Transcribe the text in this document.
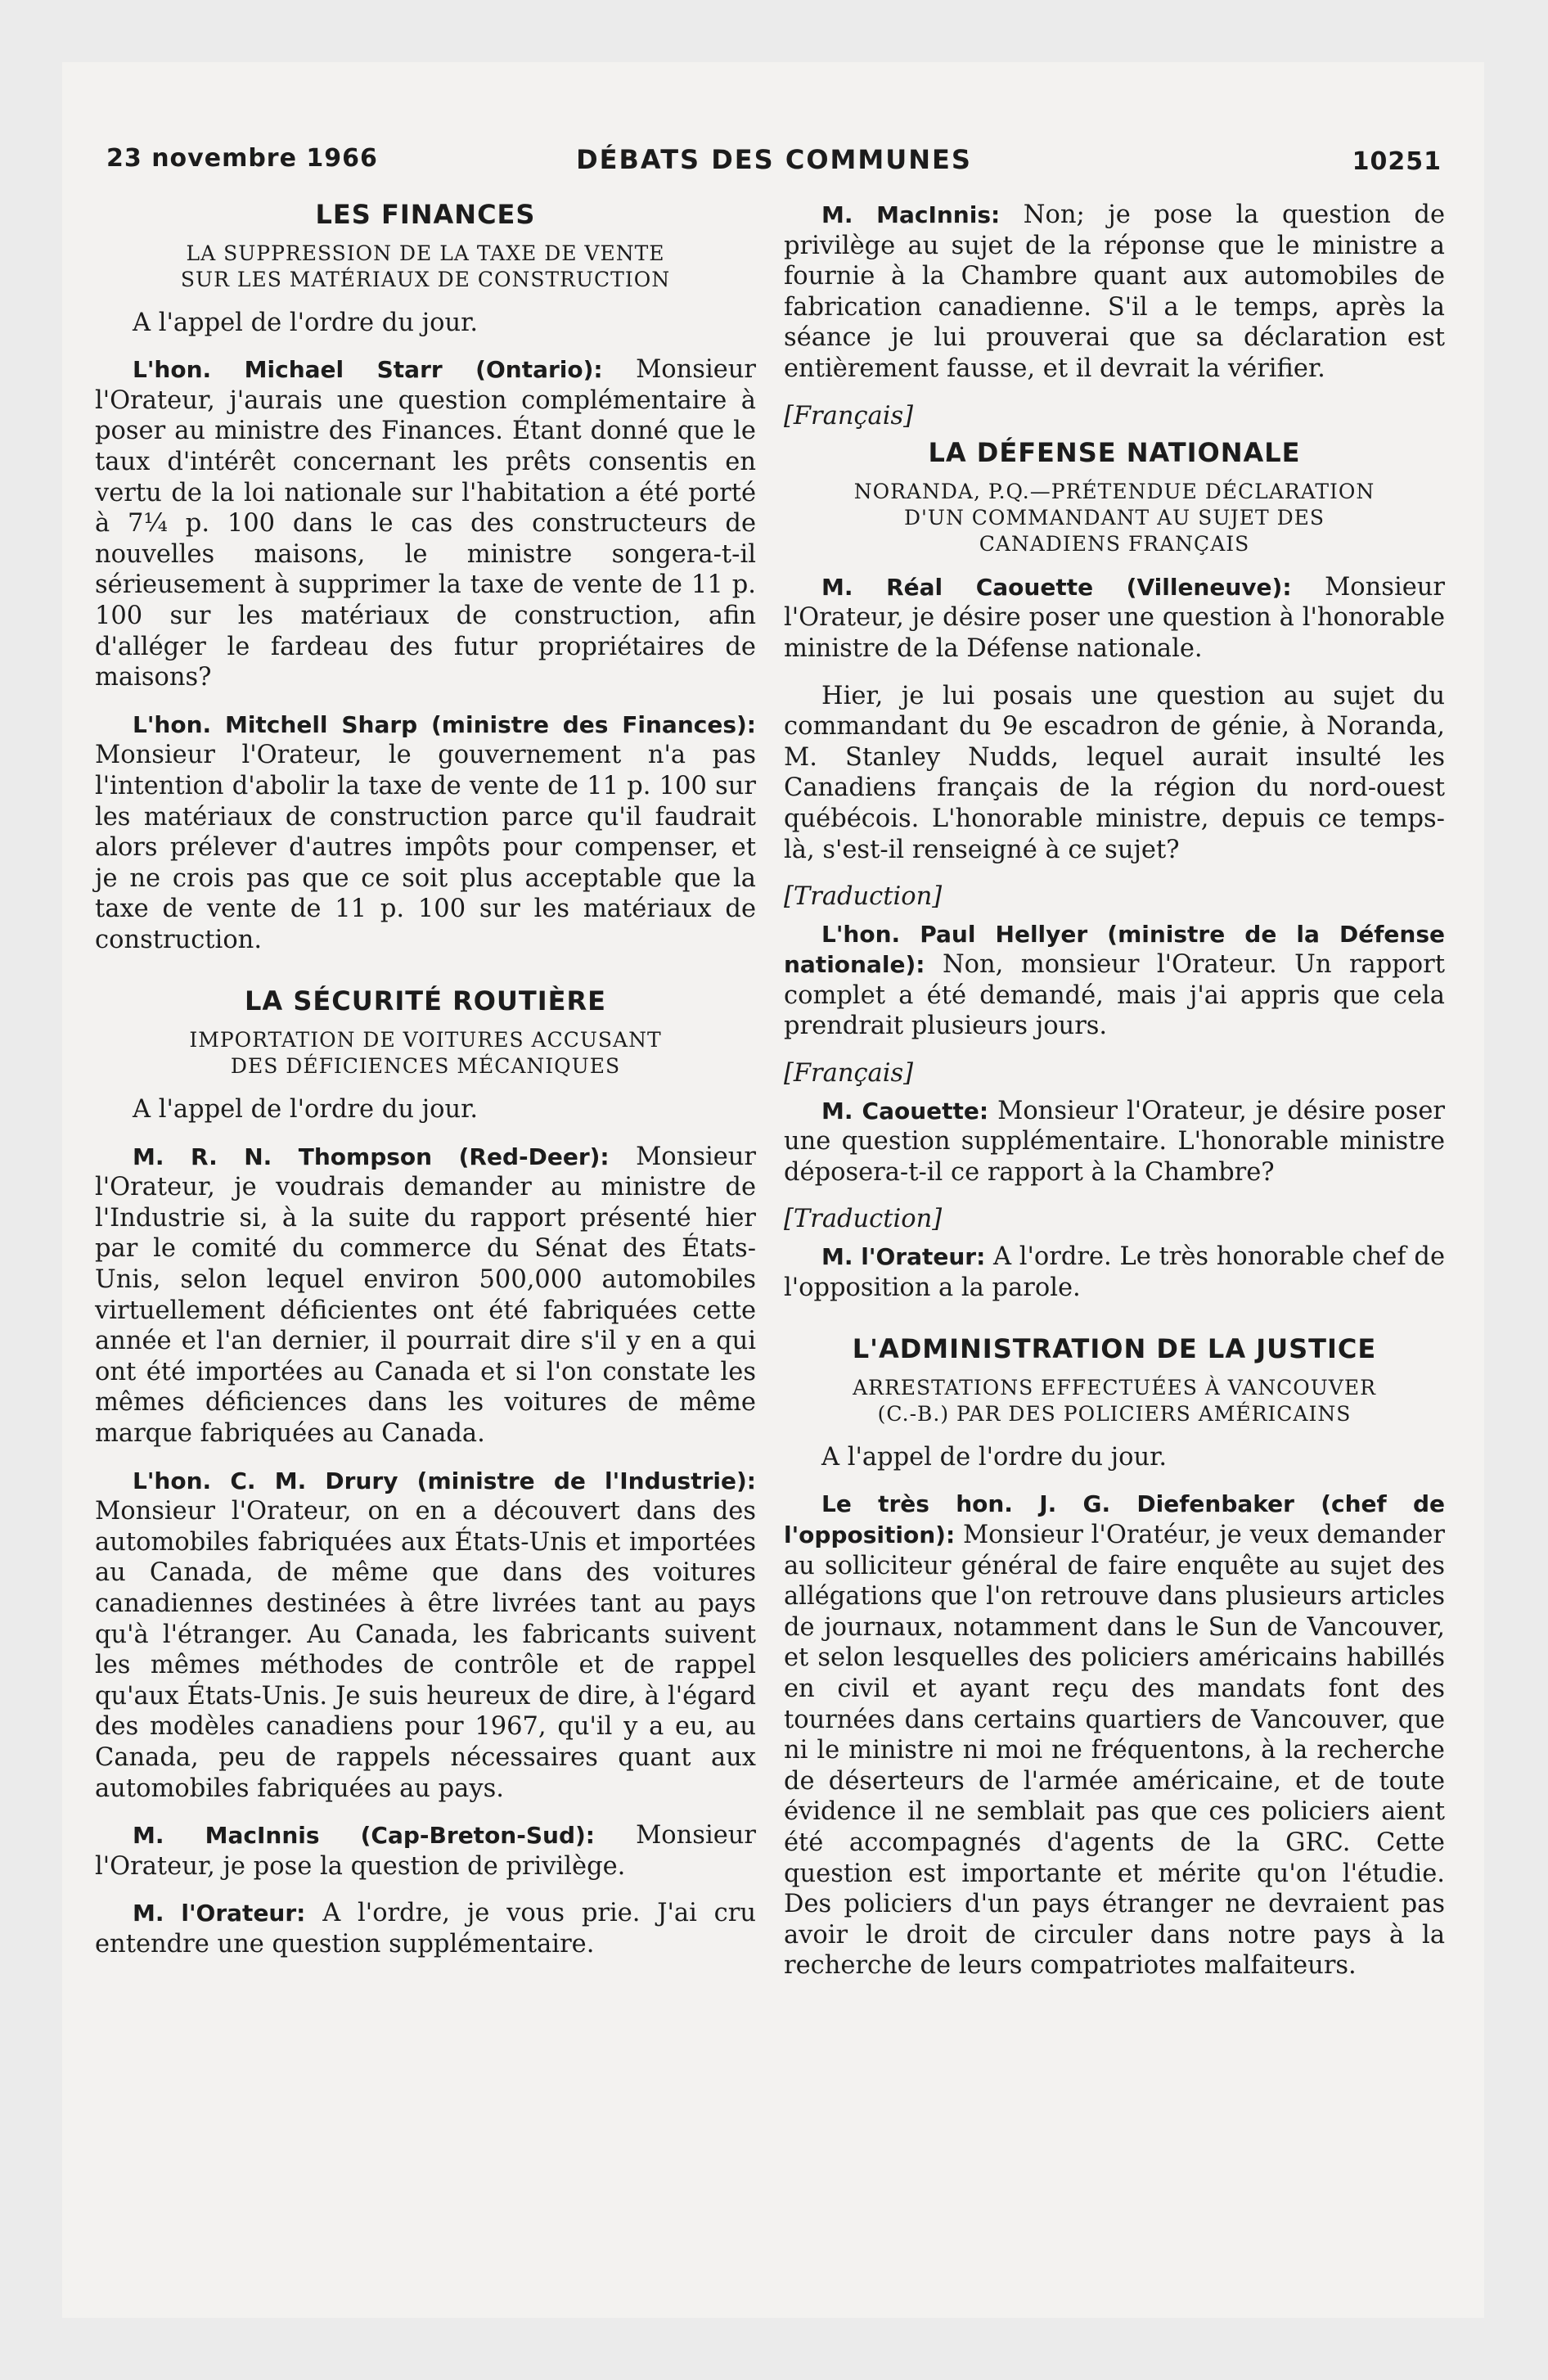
23 novembre 1966	DÉBATS DES COMMUNES	10251
LES FINANCES
LA SUPPRESSION DE LA TAXE DE VENTE
SUR LES MATÉRIAUX DE CONSTRUCTION

A l'appel de l'ordre du jour.

L'hon. Michael Starr (Ontario): Monsieur l'Orateur, j'aurais une question complémentaire à poser au ministre des Finances. Étant donné que le taux d'intérêt concernant les prêts consentis en vertu de la loi nationale sur l'habitation a été porté à 7¼ p. 100 dans le cas des constructeurs de nouvelles maisons, le ministre songera-t-il sérieusement à supprimer la taxe de vente de 11 p. 100 sur les matériaux de construction, afin d'alléger le fardeau des futur propriétaires de maisons?

L'hon. Mitchell Sharp (ministre des Finances): Monsieur l'Orateur, le gouvernement n'a pas l'intention d'abolir la taxe de vente de 11 p. 100 sur les matériaux de construction parce qu'il faudrait alors prélever d'autres impôts pour compenser, et je ne crois pas que ce soit plus acceptable que la taxe de vente de 11 p. 100 sur les matériaux de construction.

LA SÉCURITÉ ROUTIÈRE
IMPORTATION DE VOITURES ACCUSANT
DES DÉFICIENCES MÉCANIQUES

A l'appel de l'ordre du jour.

M. R. N. Thompson (Red-Deer): Monsieur l'Orateur, je voudrais demander au ministre de l'Industrie si, à la suite du rapport présenté hier par le comité du commerce du Sénat des États-Unis, selon lequel environ 500,000 automobiles virtuellement déficientes ont été fabriquées cette année et l'an dernier, il pourrait dire s'il y en a qui ont été importées au Canada et si l'on constate les mêmes déficiences dans les voitures de même marque fabriquées au Canada.

L'hon. C. M. Drury (ministre de l'Industrie): Monsieur l'Orateur, on en a découvert dans des automobiles fabriquées aux États-Unis et importées au Canada, de même que dans des voitures canadiennes destinées à être livrées tant au pays qu'à l'étranger. Au Canada, les fabricants suivent les mêmes méthodes de contrôle et de rappel qu'aux États-Unis. Je suis heureux de dire, à l'égard des modèles canadiens pour 1967, qu'il y a eu, au Canada, peu de rappels nécessaires quant aux automobiles fabriquées au pays.

M. MacInnis (Cap-Breton-Sud): Monsieur l'Orateur, je pose la question de privilège.

M. l'Orateur: A l'ordre, je vous prie. J'ai cru entendre une question supplémentaire.

M. MacInnis: Non; je pose la question de privilège au sujet de la réponse que le ministre a fournie à la Chambre quant aux automobiles de fabrication canadienne. S'il a le temps, après la séance je lui prouverai que sa déclaration est entièrement fausse, et il devrait la vérifier.

[Français]

LA DÉFENSE NATIONALE
NORANDA, P.Q.—PRÉTENDUE DÉCLARATION
D'UN COMMANDANT AU SUJET DES
CANADIENS FRANÇAIS

M. Réal Caouette (Villeneuve): Monsieur l'Orateur, je désire poser une question à l'honorable ministre de la Défense nationale.

Hier, je lui posais une question au sujet du commandant du 9e escadron de génie, à Noranda, M. Stanley Nudds, lequel aurait insulté les Canadiens français de la région du nord-ouest québécois. L'honorable ministre, depuis ce temps-là, s'est-il renseigné à ce sujet?

[Traduction]

L'hon. Paul Hellyer (ministre de la Défense nationale): Non, monsieur l'Orateur. Un rapport complet a été demandé, mais j'ai appris que cela prendrait plusieurs jours.

[Français]

M. Caouette: Monsieur l'Orateur, je désire poser une question supplémentaire. L'honorable ministre déposera-t-il ce rapport à la Chambre?

[Traduction]

M. l'Orateur: A l'ordre. Le très honorable chef de l'opposition a la parole.

L'ADMINISTRATION DE LA JUSTICE
ARRESTATIONS EFFECTUÉES À VANCOUVER
(C.-B.) PAR DES POLICIERS AMÉRICAINS

A l'appel de l'ordre du jour.

Le très hon. J. G. Diefenbaker (chef de l'opposition): Monsieur l'Oratéur, je veux demander au solliciteur général de faire enquête au sujet des allégations que l'on retrouve dans plusieurs articles de journaux, notamment dans le Sun de Vancouver, et selon lesquelles des policiers américains habillés en civil et ayant reçu des mandats font des tournées dans certains quartiers de Vancouver, que ni le ministre ni moi ne fréquentons, à la recherche de déserteurs de l'armée américaine, et de toute évidence il ne semblait pas que ces policiers aient été accompagnés d'agents de la GRC. Cette question est importante et mérite qu'on l'étudie. Des policiers d'un pays étranger ne devraient pas avoir le droit de circuler dans notre pays à la recherche de leurs compatriotes malfaiteurs.
